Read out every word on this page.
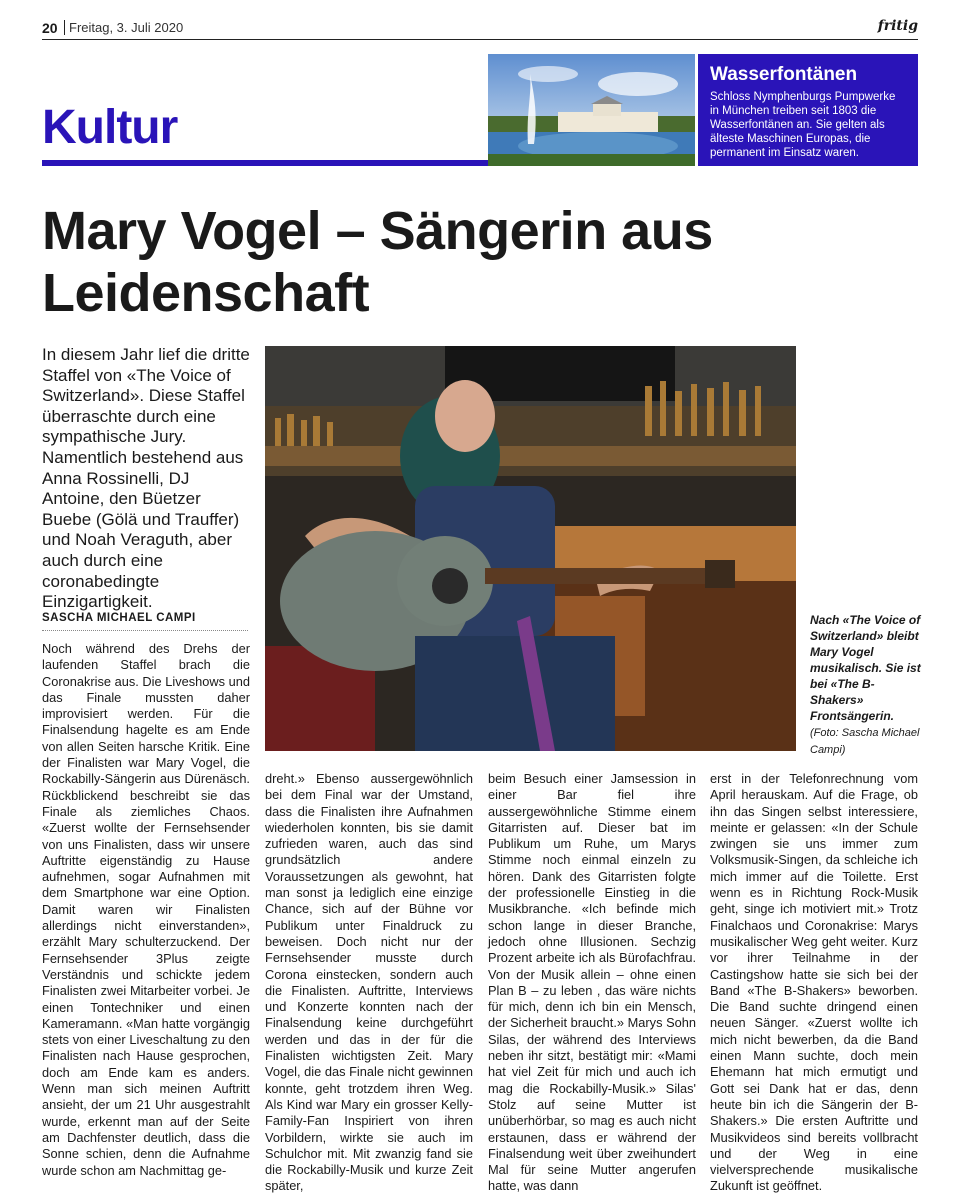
20 Freitag, 3. Juli 2020	fritig
Kultur
Wasserfontänen
Schloss Nymphenburgs Pumpwerke in München treiben seit 1803 die Wasserfontänen an. Sie gelten als älteste Maschinen Europas, die permanent im Einsatz waren.
Mary Vogel – Sängerin aus Leidenschaft

In diesem Jahr lief die dritte Staffel von «The Voice of Switzerland». Diese Staffel überraschte durch eine sympathische Jury. Namentlich bestehend aus Anna Rossinelli, DJ Antoine, den Büetzer Buebe (Gölä und Trauffer) und Noah Veraguth, aber auch durch eine coronabedingte Einzigartigkeit.

SASCHA MICHAEL CAMPI	Nach «The Voice of Switzerland» bleibt Mary Vogel musikalisch. Sie ist bei «The B-Shakers» Frontsängerin. (Foto: Sascha Michael Campi)
Noch während des Drehs der laufenden Staffel brach die Coronakrise aus. Die Liveshows und das Finale mussten daher improvisiert werden. Für die Finalsendung hagelte es am Ende von allen Seiten harsche Kritik. Eine der Finalisten war Mary Vogel, die Rockabilly-Sängerin aus Dürenäsch. Rückblickend beschreibt sie das Finale als ziemliches Chaos. «Zuerst wollte der Fernsehsender von uns Finalisten, dass wir unsere Auftritte eigenständig zu Hause aufnehmen, sogar Aufnahmen mit dem Smartphone war eine Option. Damit waren wir Finalisten allerdings nicht einverstanden», erzählt Mary schulterzuckend. Der Fernsehsender 3Plus zeigte Verständnis und schickte jedem Finalisten zwei Mitarbeiter vorbei. Je einen Tontechniker und einen Kameramann. «Man hatte vorgängig stets von einer Liveschaltung zu den Finalisten nach Hause gesprochen, doch am Ende kam es anders. Wenn man sich meinen Auftritt ansieht, der um 21 Uhr ausgestrahlt wurde, erkennt man auf der Seite am Dachfenster deutlich, dass die Sonne schien, denn die Aufnahme wurde schon am Nachmittag ge-
dreht.» Ebenso aussergewöhnlich bei dem Final war der Umstand, dass die Finalisten ihre Aufnahmen wiederholen konnten, bis sie damit zufrieden waren, auch das sind grundsätzlich andere Voraussetzungen als gewohnt, hat man sonst ja lediglich eine einzige Chance, sich auf der Bühne vor Publikum unter Finaldruck zu beweisen. Doch nicht nur der Fernsehsender musste durch Corona einstecken, sondern auch die Finalisten. Auftritte, Interviews und Konzerte konnten nach der Finalsendung keine durchgeführt werden und das in der für die Finalisten wichtigsten Zeit. Mary Vogel, die das Finale nicht gewinnen konnte, geht trotzdem ihren Weg. Als Kind war Mary ein grosser Kelly-Family-Fan Inspiriert von ihren Vorbildern, wirkte sie auch im Schulchor mit. Mit zwanzig fand sie die Rockabilly-Musik und kurze Zeit später,
beim Besuch einer Jamsession in einer Bar fiel ihre aussergewöhnliche Stimme einem Gitarristen auf. Dieser bat im Publikum um Ruhe, um Marys Stimme noch einmal einzeln zu hören. Dank des Gitarristen folgte der professionelle Einstieg in die Musikbranche. «Ich befinde mich schon lange in dieser Branche, jedoch ohne Illusionen. Sechzig Prozent arbeite ich als Bürofachfrau. Von der Musik allein – ohne einen Plan B – zu leben , das wäre nichts für mich, denn ich bin ein Mensch, der Sicherheit braucht.» Marys Sohn Silas, der während des Interviews neben ihr sitzt, bestätigt mir: «Mami hat viel Zeit für mich und auch ich mag die Rockabilly-Musik.» Silas' Stolz auf seine Mutter ist unüberhörbar, so mag es auch nicht erstaunen, dass er während der Finalsendung weit über zweihundert Mal für seine Mutter angerufen hatte, was dann
erst in der Telefonrechnung vom April herauskam. Auf die Frage, ob ihn das Singen selbst interessiere, meinte er gelassen: «In der Schule zwingen sie uns immer zum Volksmusik-Singen, da schleiche ich mich immer auf die Toilette. Erst wenn es in Richtung Rock-Musik geht, singe ich motiviert mit.» Trotz Finalchaos und Coronakrise: Marys musikalischer Weg geht weiter. Kurz vor ihrer Teilnahme in der Castingshow hatte sie sich bei der Band «The B-Shakers» beworben. Die Band suchte dringend einen neuen Sänger. «Zuerst wollte ich mich nicht bewerben, da die Band einen Mann suchte, doch mein Ehemann hat mich ermutigt und Gott sei Dank hat er das, denn heute bin ich die Sängerin der B-Shakers.» Die ersten Auftritte und Musikvideos sind bereits vollbracht und der Weg in eine vielversprechende musikalische Zukunft ist geöffnet.
